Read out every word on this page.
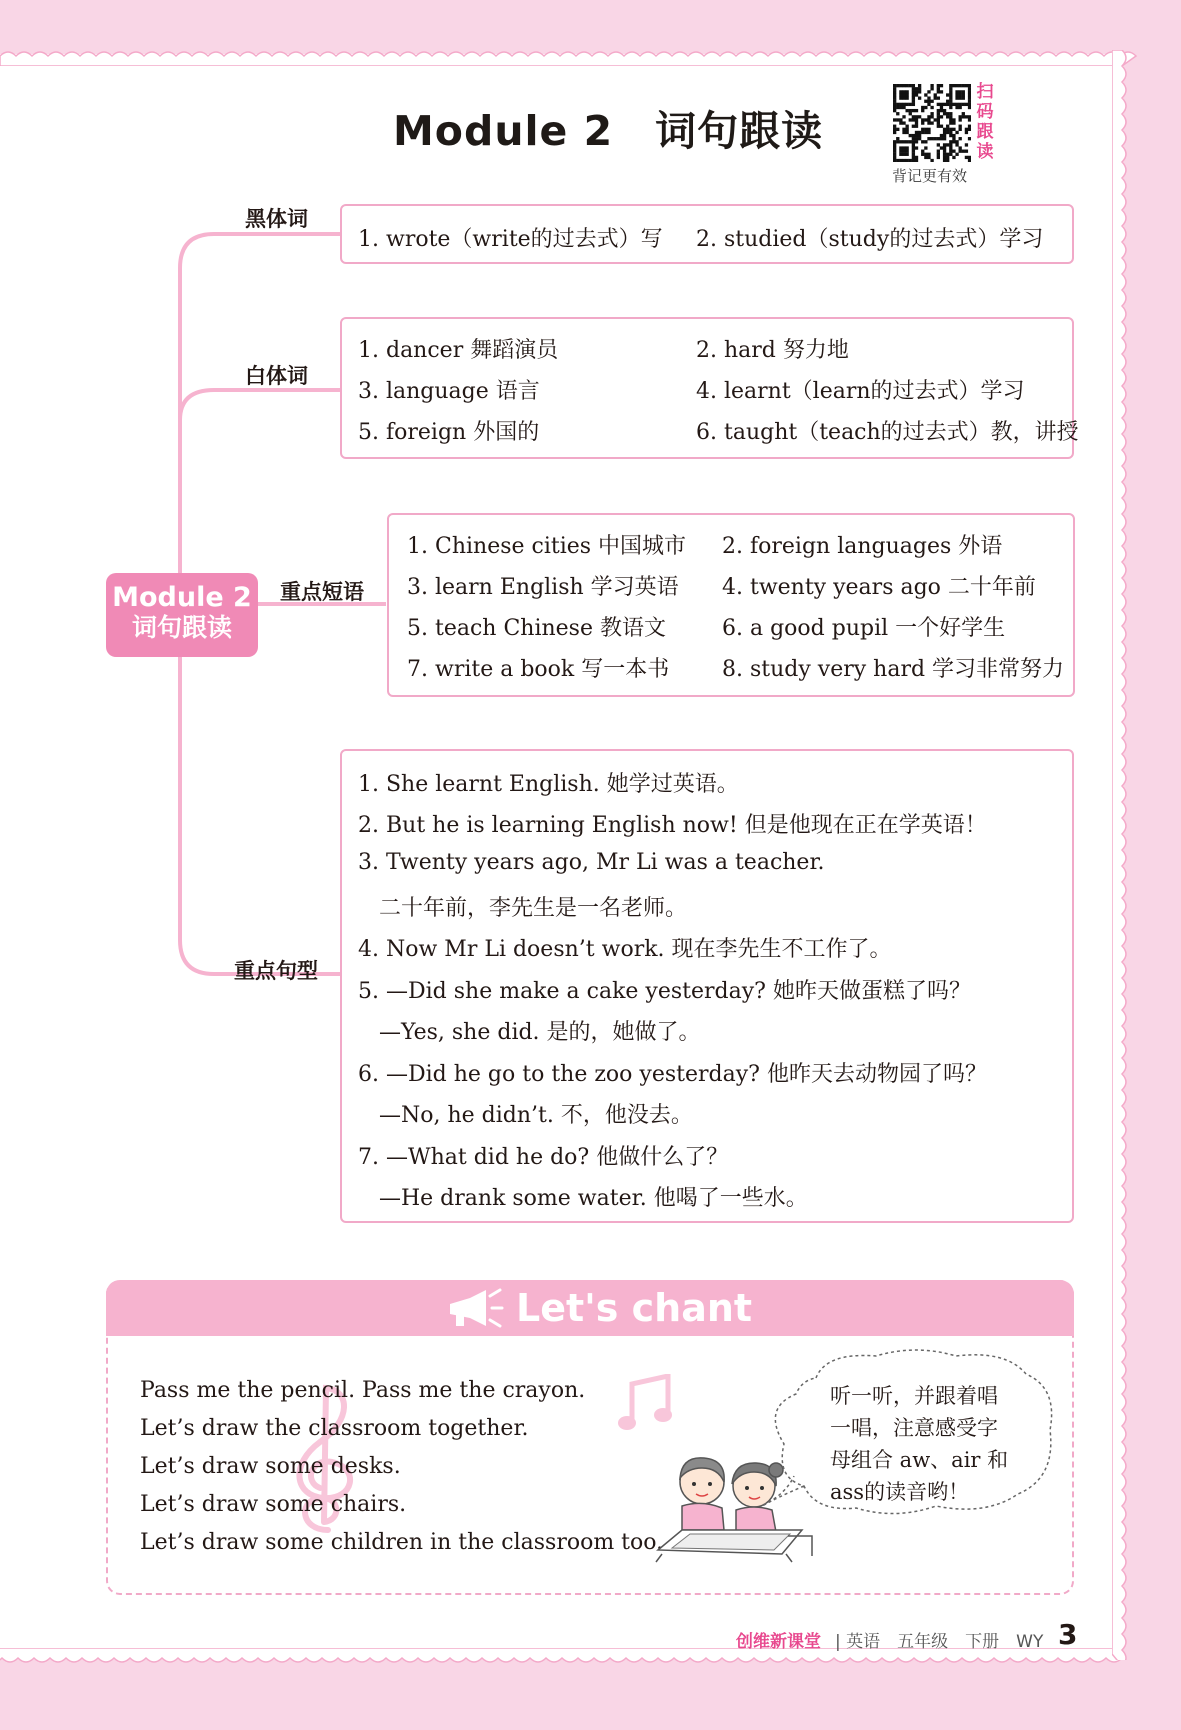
Module 2　词句跟读
扫
码
跟
读
背记更有效
Module 2
词句跟读
黑体词
1. wrote（write的过去式）写 2. studied（study的过去式）学习
白体词
1. dancer 舞蹈演员	2. hard 努力地
3. language 语言	4. learnt（learn的过去式）学习
5. foreign 外国的	6. taught（teach的过去式）教，讲授
重点短语
1. Chinese cities 中国城市 2. foreign languages 外语
3. learn English 学习英语 4. twenty years ago 二十年前
5. teach Chinese 教语文	6. a good pupil 一个好学生
7. write a book 写一本书 8. study very hard 学习非常努力
重点句型
1. She learnt English. 她学过英语。
2. But he is learning English now! 但是他现在正在学英语！
3. Twenty years ago, Mr Li was a teacher.
二十年前，李先生是一名老师。
4. Now Mr Li doesn’t work. 现在李先生不工作了。
5. —Did she make a cake yesterday? 她昨天做蛋糕了吗？
—Yes, she did. 是的，她做了。
6. —Did he go to the zoo yesterday? 他昨天去动物园了吗？
—No, he didn’t. 不，他没去。
7. —What did he do? 他做什么了？
—He drank some water. 他喝了一些水。
Let's chant
Pass me the pencil. Pass me the crayon.
Let’s draw the classroom together.
Let’s draw some desks.
Let’s draw some chairs.
Let’s draw some children in the classroom too.
听一听，并跟着唱
一唱，注意感受字
母组合 aw、air 和
ass的读音哟！
创维新课堂 | 英语　五年级　下册　WY 3
